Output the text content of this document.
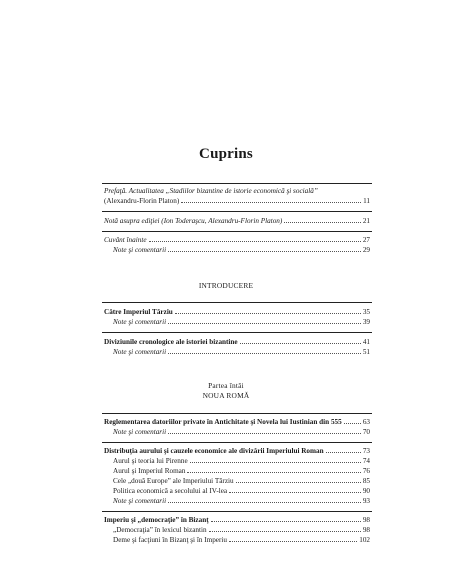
Cuprins
Prefaţă. Actualitatea „Stadiilor bizantine de istorie economică şi socială”
(Alexandru-Florin Platon)	11
Notă asupra ediţiei (Ion Toderaşcu, Alexandru-Florin Platon)	21
Cuvânt înainte	27
Note şi comentarii	29
INTRODUCERE
Către Imperiul Târziu	35
Note şi comentarii	39
Diviziunile cronologice ale istoriei bizantine	41
Note şi comentarii	51
Partea întâi
NOUA ROMĂ
Reglementarea datoriilor private în Antichitate şi Novela lui Iustinian din 555	63
Note şi comentarii	70
Distribuţia aurului şi cauzele economice ale divizării Imperiului Roman	73
Aurul şi teoria lui Pirenne	74
Aurul şi Imperiul Roman	76
Cele „două Europe” ale Imperiului Târziu	85
Politica economică a secolului al IV-lea	90
Note şi comentarii	93
Imperiu şi „democraţie” în Bizanţ	98
„Democraţia” în lexicul bizantin	98
Deme şi facţiuni în Bizanţ şi în Imperiu	102
